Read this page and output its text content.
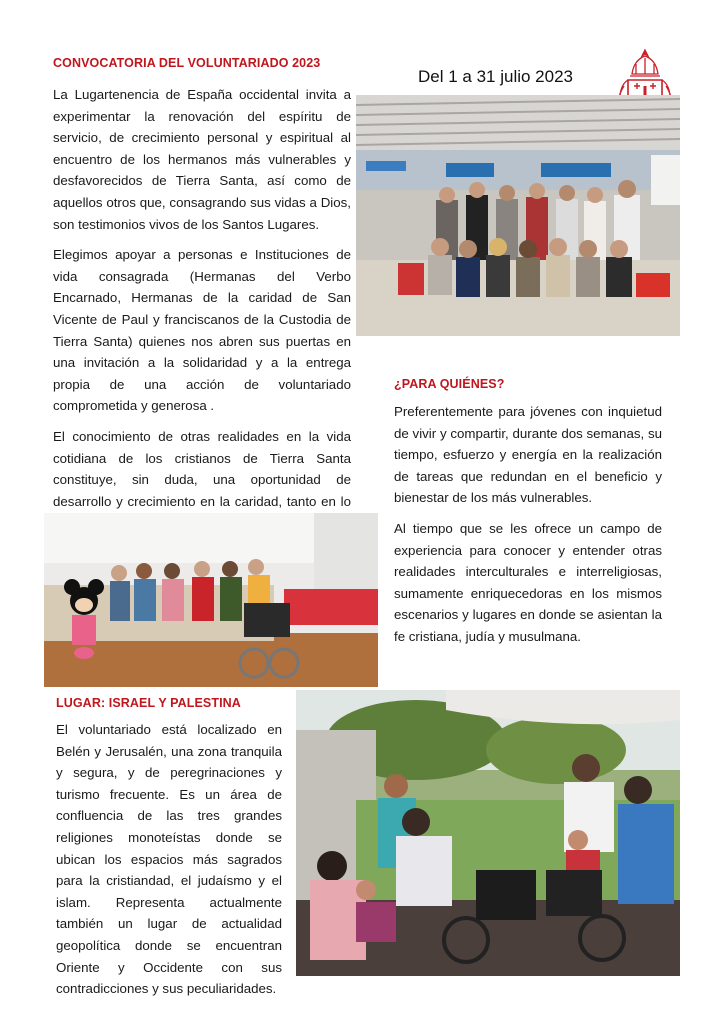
CONVOCATORIA DEL VOLUNTARIADO 2023

La Lugartenencia de España occidental invita a experimentar la renovación del espíritu de servicio, de crecimiento personal y espiritual al encuentro de los hermanos más vulnerables y desfavorecidos de Tierra Santa, así como de aquellos otros que, consagrando sus vidas a Dios, son testimonios vivos de los Santos Lugares.

Elegimos apoyar a personas e Instituciones de vida consagrada (Hermanas del Verbo Encarnado, Hermanas de la caridad de San Vicente de Paul y franciscanos de la Custodia de Tierra Santa) quienes nos abren sus puertas en una invitación a la solidaridad y a la entrega propia de una acción de voluntariado comprometida y generosa .

El conocimiento de otras realidades en la vida cotidiana de los cristianos de Tierra Santa constituye, sin duda, una oportunidad de desarrollo y crecimiento en la caridad, tanto en lo

Del 1 a 31 julio 2023
¿PARA QUIÉNES?

Preferentemente para jóvenes con inquietud de vivir y compartir, durante dos semanas, su tiempo, esfuerzo y energía en la realización de tareas que redundan en el beneficio y bienestar de los más vulnerables.

Al tiempo que se les ofrece un campo de experiencia para conocer y entender otras realidades interculturales e interreligiosas, sumamente enriquecedoras en los mismos escenarios y lugares en donde se asientan la fe cristiana, judía y musulmana.

LUGAR: ISRAEL Y PALESTINA

El voluntariado está localizado en Belén y Jerusalén, una zona tranquila y segura, y de peregrinaciones y turismo frecuente. Es un área de confluencia de las tres grandes religiones monoteístas donde se ubican los espacios más sagrados para la cristiandad, el judaísmo y el islam. Representa actualmente también un lugar de actualidad geopolítica donde se encuentran Oriente y Occidente con sus contradicciones y sus peculiaridades.
